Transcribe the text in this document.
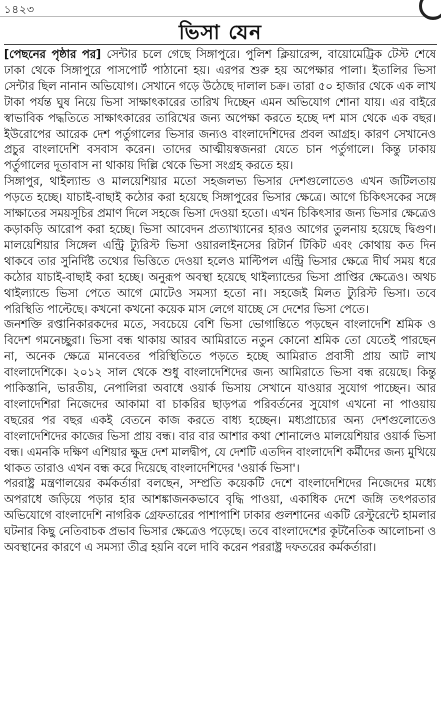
১৪২৩
ভিসা যেন

[পেছনের পৃষ্ঠার পর] সেন্টার চলে গেছে সিঙ্গাপুরে। পুলিশ ক্লিয়ারেন্স, বায়োমেট্রিক টেস্ট শেষে ঢাকা থেকে সিঙ্গাপুরে পাসপোর্ট পাঠানো হয়। এরপর শুরু হয় অপেক্ষার পালা। ইতালির ভিসা সেন্টার ছিল নানান অভিযোগ। সেখানে গড়ে উঠেছে দালাল চক্র। তারা ৫০ হাজার থেকে এক লাখ টাকা পর্যন্ত ঘুষ নিয়ে ভিসা সাক্ষাৎকারের তারিখ দিচ্ছেন এমন অভিযোগ শোনা যায়। এর বাইরে স্বাভাবিক পদ্ধতিতে সাক্ষাৎকারের তারিখের জন্য অপেক্ষা করতে হচ্ছে দশ মাস থেকে এক বছর। ইউরোপের আরেক দেশ পর্তুগালের ভিসার জন্যও বাংলাদেশিদের প্রবল আগ্রহ। কারণ সেখানেও প্রচুর বাংলাদেশি বসবাস করেন। তাদের আত্মীয়স্বজনরা যেতে চান পর্তুগালে। কিন্তু ঢাকায় পর্তুগালের দূতাবাস না থাকায় দিল্লি থেকে ভিসা সংগ্রহ করতে হয়।

সিঙ্গাপুর, থাইল্যান্ড ও মালয়েশিয়ার মতো সহজলভ্য ভিসার দেশগুলোতেও এখন জটিলতায় পড়তে হচ্ছে। যাচাই-বাছাই কঠোর করা হয়েছে সিঙ্গাপুরের ভিসার ক্ষেত্রে। আগে চিকিৎসকের সঙ্গে সাক্ষাতের সময়সূচির প্রমাণ দিলে সহজে ভিসা দেওয়া হতো। এখন চিকিৎসার জন্য ভিসার ক্ষেত্রেও কড়াকড়ি আরোপ করা হচ্ছে। ভিসা আবেদন প্রত্যাখ্যানের হারও আগের তুলনায় হয়েছে দ্বিগুণ। মালয়েশিয়ার সিঙ্গেল এন্ট্রি ট্যুরিস্ট ভিসা ওয়ারলাইনসের রিটার্ন টিকিট এবং কোথায় কত দিন থাকবে তার সুনির্দিষ্ট তথ্যের ভিত্তিতে দেওয়া হলেও মাল্টিপল এন্ট্রি ভিসার ক্ষেত্রে দীর্ঘ সময় ধরে কঠোর যাচাই-বাছাই করা হচ্ছে। অনুরূপ অবস্থা হয়েছে থাইল্যান্ডের ভিসা প্রাপ্তির ক্ষেত্রেও। অথচ থাইল্যান্ডে ভিসা পেতে আগে মোটেও সমস্যা হতো না। সহজেই মিলত ট্যুরিস্ট ভিসা। তবে পরিস্থিতি পাল্টেছে। কখনো কখনো কয়েক মাস লেগে যাচ্ছে সে দেশের ভিসা পেতে।

জনশক্তি রপ্তানিকারকদের মতে, সবচেয়ে বেশি ভিসা ভোগান্তিতে পড়ছেন বাংলাদেশি শ্রমিক ও বিদেশ গমনেচ্ছুরা। ভিসা বন্ধ থাকায় আরব আমিরাতে নতুন কোনো শ্রমিক তো যেতেই পারছেন না, অনেক ক্ষেত্রে মানবেতর পরিস্থিতিতে পড়তে হচ্ছে আমিরাত প্রবাসী প্রায় আট লাখ বাংলাদেশিকে। ২০১২ সাল থেকে শুধু বাংলাদেশিদের জন্য আমিরাতে ভিসা বন্ধ রয়েছে। কিন্তু পাকিস্তানি, ভারতীয়, নেপালিরা অবাধে ওয়ার্ক ভিসায় সেখানে যাওয়ার সুযোগ পাচ্ছেন। আর বাংলাদেশিরা নিজেদের আকামা বা চাকরির ছাড়পত্র পরিবর্তনের সুযোগ এখনো না পাওয়ায় বছরের পর বছর একই বেতনে কাজ করতে বাধ্য হচ্ছেন। মধ্যপ্রাচ্যের অন্য দেশগুলোতেও বাংলাদেশিদের কাজের ভিসা প্রায় বন্ধ। বার বার আশার কথা শোনালেও মালয়েশিয়ার ওয়ার্ক ভিসা বন্ধ। এমনকি দক্ষিণ এশিয়ার ক্ষুদ্র দেশ মালদ্বীপ, যে দেশটি এতদিন বাংলাদেশি কর্মীদের জন্য মুখিয়ে থাকত তারাও এখন বন্ধ করে দিয়েছে বাংলাদেশিদের 'ওয়ার্ক ভিসা'।

পররাষ্ট্র মন্ত্রণালয়ের কর্মকর্তারা বলছেন, সম্প্রতি কয়েকটি দেশে বাংলাদেশিদের নিজেদের মধ্যে অপরাধে জড়িয়ে পড়ার হার আশঙ্কাজনকভাবে বৃদ্ধি পাওয়া, একাধিক দেশে জঙ্গি তৎপরতার অভিযোগে বাংলাদেশি নাগরিক গ্রেফতারের পাশাপাশি ঢাকার গুলশানের একটি রেস্টুরেন্টে হামলার ঘটনার কিছু নেতিবাচক প্রভাব ভিসার ক্ষেত্রেও পড়েছে। তবে বাংলাদেশের কূটনৈতিক আলোচনা ও অবস্থানের কারণে এ সমস্যা তীব্র হয়নি বলে দাবি করেন পররাষ্ট্র দফতরের কর্মকর্তারা।
